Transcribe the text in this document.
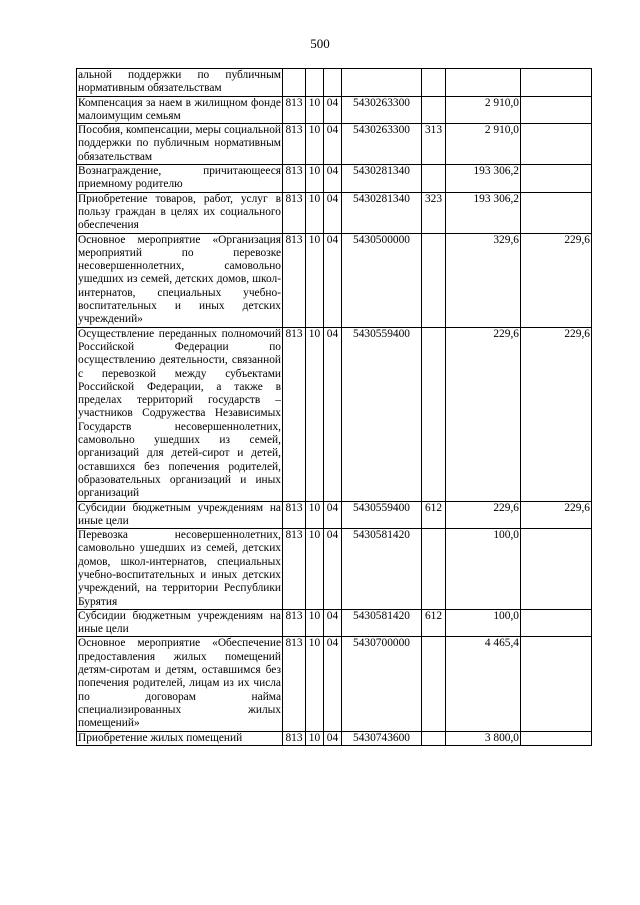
500
альной поддержки по публичным нормативным обязательствам							
Компенсация за наем в жилищном фонде малоимущим семьям	813	10	04	5430263300		2 910,0	
Пособия, компенсации, меры социальной поддержки по публичным нормативным обязательствам	813	10	04	5430263300	313	2 910,0	
Вознаграждение, причитающееся приемному родителю	813	10	04	5430281340		193 306,2	
Приобретение товаров, работ, услуг в пользу граждан в целях их социального обеспечения	813	10	04	5430281340	323	193 306,2	
Основное мероприятие «Организация мероприятий по перевозке несовершеннолетних, самовольно ушедших из семей, детских домов, школ-интернатов, специальных учебно-воспитательных и иных детских учреждений»	813	10	04	5430500000		329,6	229,6
Осуществление переданных полномочий Российской Федерации по осуществлению деятельности, связанной с перевозкой между субъектами Российской Федерации, а также в пределах территорий государств – участников Содружества Независимых Государств несовершеннолетних, самовольно ушедших из семей, организаций для детей-сирот и детей, оставшихся без попечения родителей, образовательных организаций и иных организаций	813	10	04	5430559400		229,6	229,6
Субсидии бюджетным учреждениям на иные цели	813	10	04	5430559400	612	229,6	229,6
Перевозка несовершеннолетних, самовольно ушедших из семей, детских домов, школ-интернатов, специальных учебно-воспитательных и иных детских учреждений, на территории Республики Бурятия	813	10	04	5430581420		100,0	
Субсидии бюджетным учреждениям на иные цели	813	10	04	5430581420	612	100,0	
Основное мероприятие «Обеспечение предоставления жилых помещений детям-сиротам и детям, оставшимся без попечения родителей, лицам из их числа по договорам найма специализированных жилых помещений»	813	10	04	5430700000		4 465,4	
Приобретение жилых помещений	813	10	04	5430743600		3 800,0	
